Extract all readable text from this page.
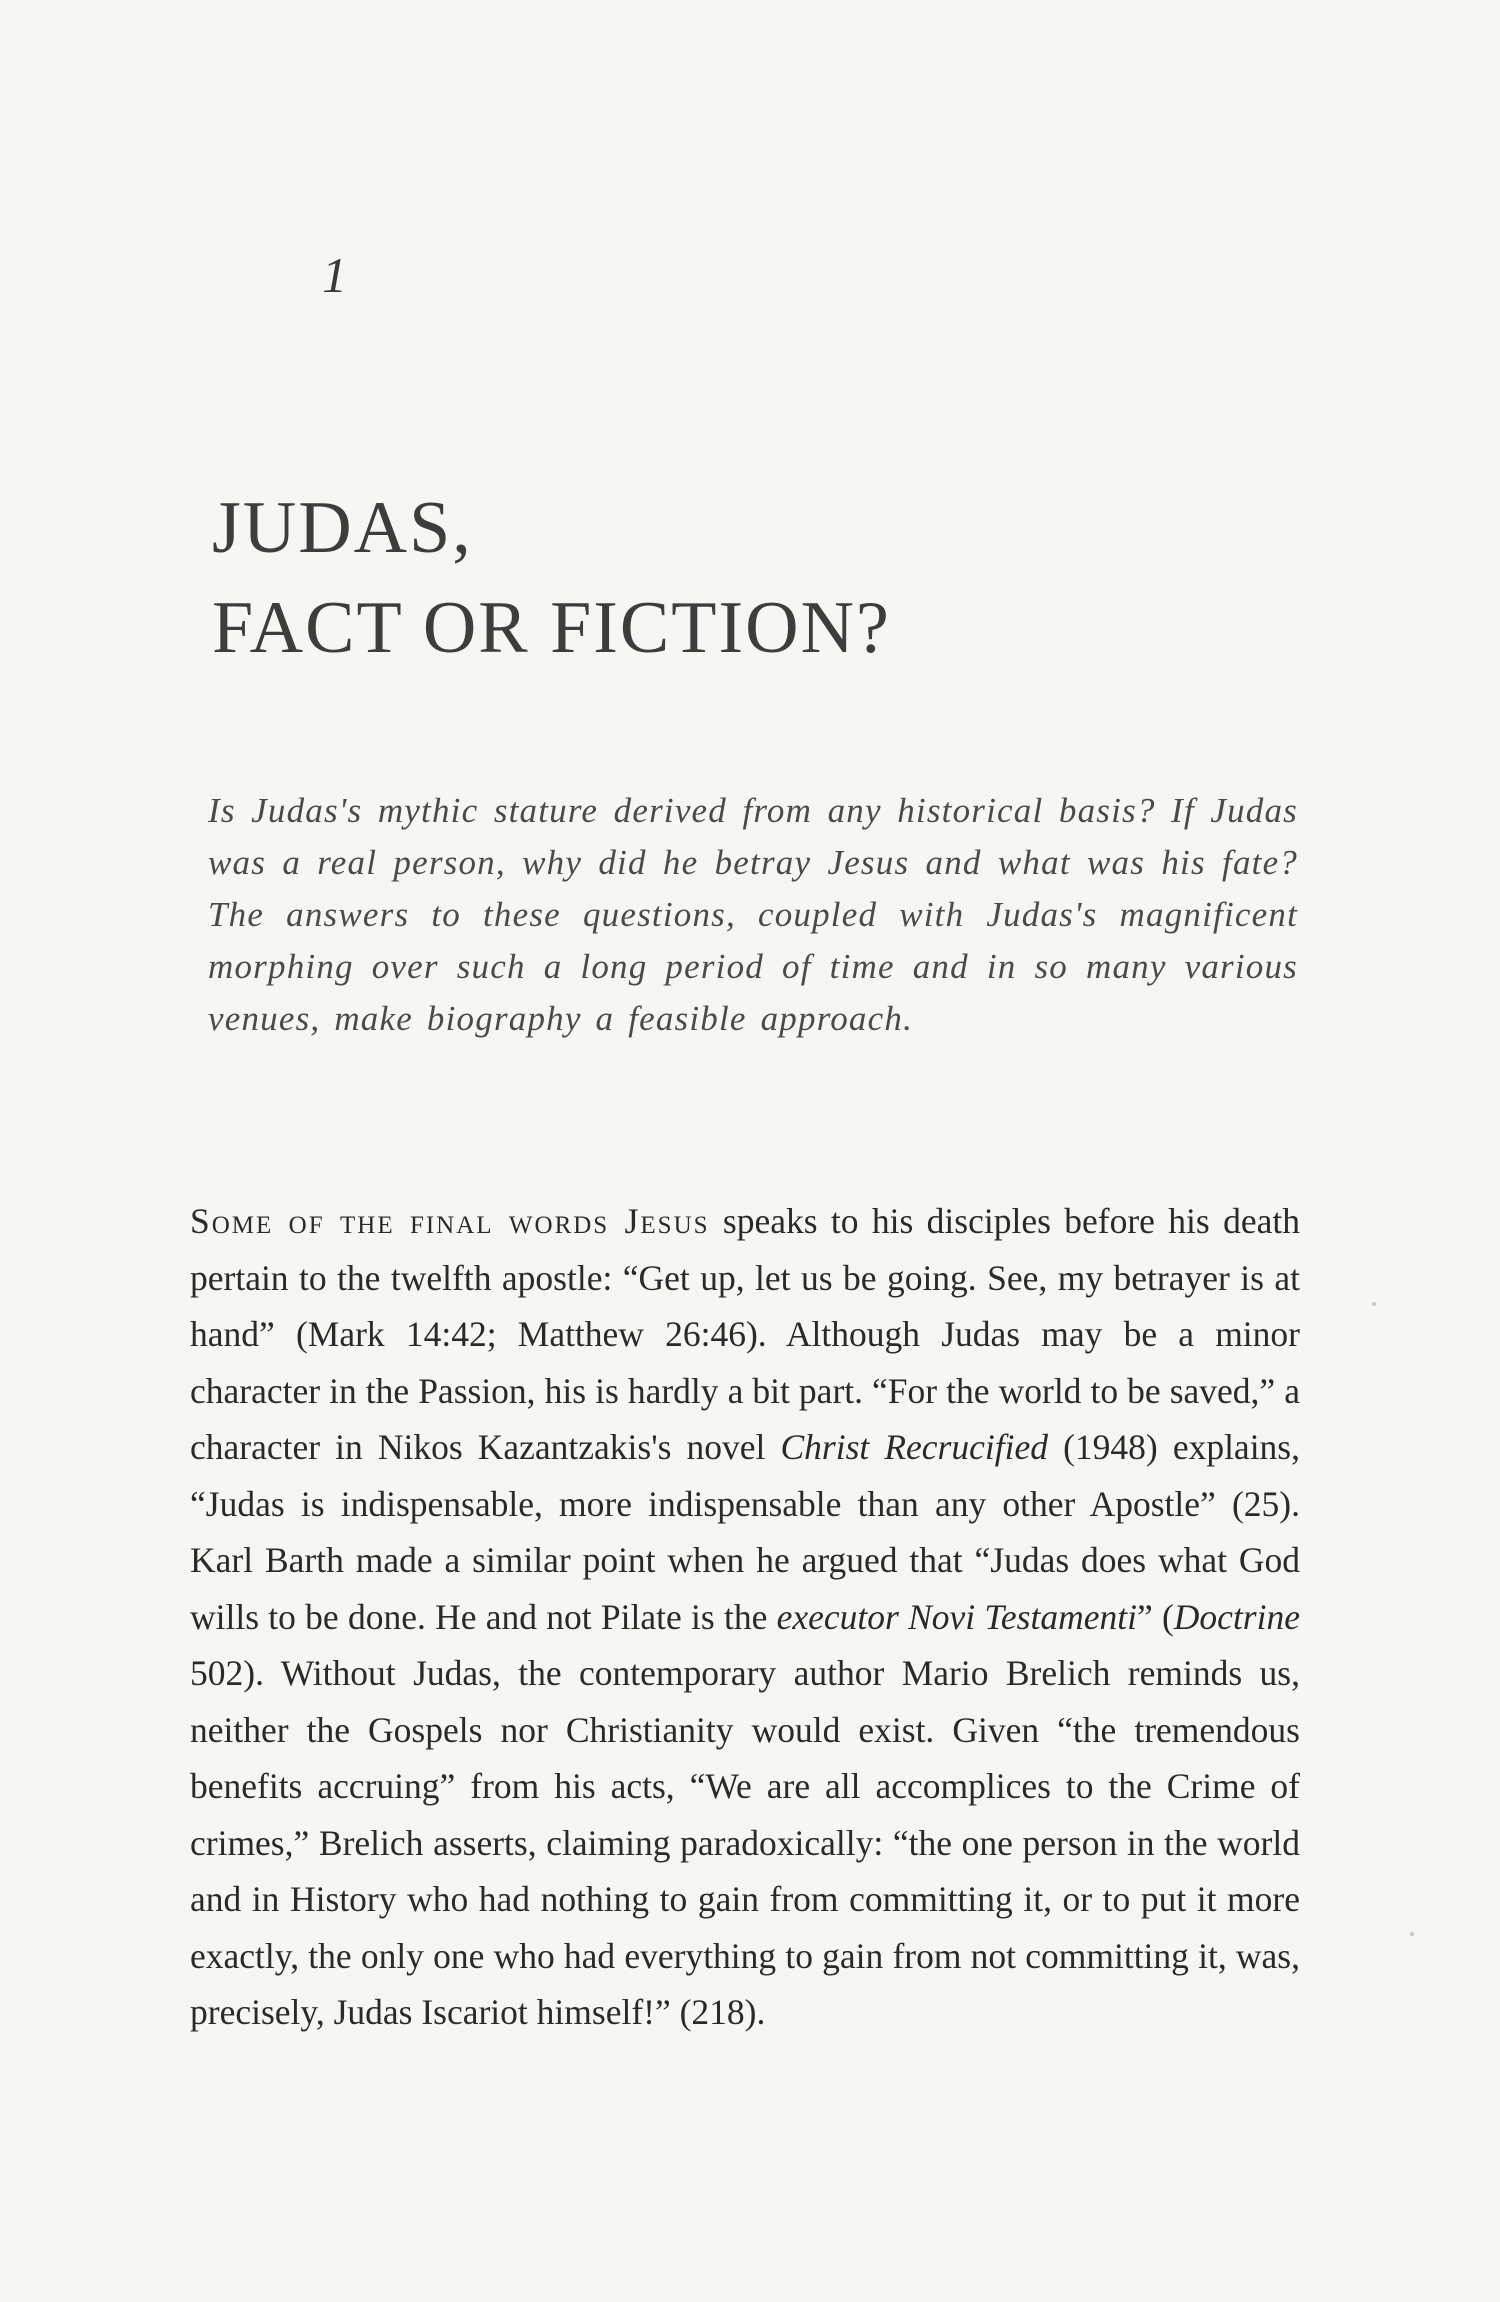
1
JUDAS,
FACT OR FICTION?

Is Judas's mythic stature derived from any historical basis? If Judas was a real person, why did he betray Jesus and what was his fate? The answers to these questions, coupled with Judas's magnificent morphing over such a long period of time and in so many various venues, make biography a feasible approach.

Some of the final words Jesus speaks to his disciples before his death pertain to the twelfth apostle: “Get up, let us be going. See, my betrayer is at hand” (Mark 14:42; Matthew 26:46). Although Judas may be a minor character in the Passion, his is hardly a bit part. “For the world to be saved,” a character in Nikos Kazantzakis's novel Christ Recrucified (1948) explains, “Judas is indispensable, more indispensable than any other Apostle” (25). Karl Barth made a similar point when he argued that “Judas does what God wills to be done. He and not Pilate is the executor Novi Testamenti” (Doctrine 502). Without Judas, the contemporary author Mario Brelich reminds us, neither the Gospels nor Christianity would exist. Given “the tremendous benefits accruing” from his acts, “We are all accomplices to the Crime of crimes,” Brelich asserts, claiming paradoxically: “the one person in the world and in History who had nothing to gain from committing it, or to put it more exactly, the only one who had everything to gain from not committing it, was, precisely, Judas Iscariot himself!” (218).
